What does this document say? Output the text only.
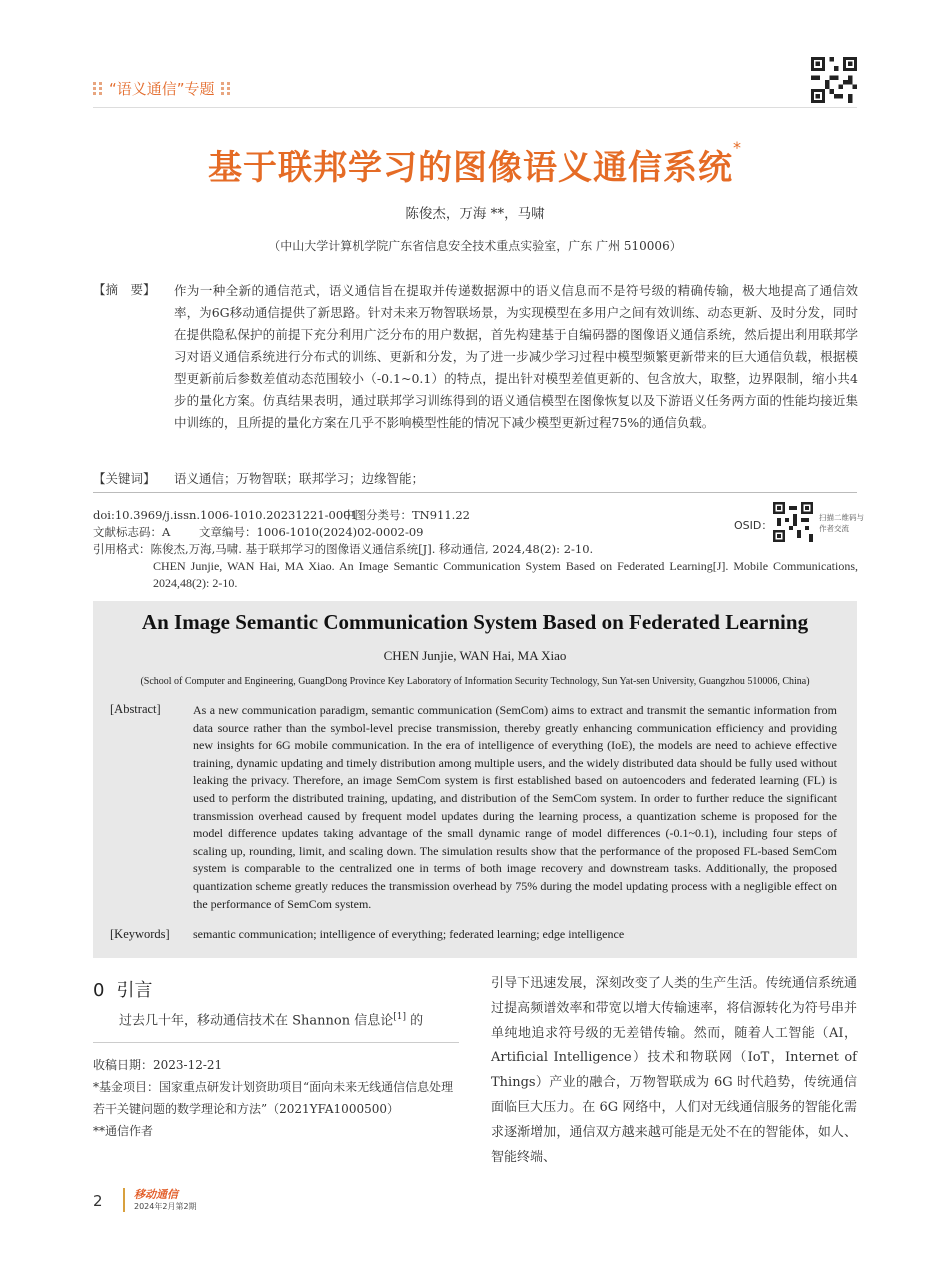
“语义通信”专题
基于联邦学习的图像语义通信系统*
陈俊杰，万海 **，马啸
（中山大学计算机学院广东省信息安全技术重点实验室，广东 广州 510006）
【摘　要】 作为一种全新的通信范式，语义通信旨在提取并传递数据源中的语义信息而不是符号级的精确传输，极大地提高了通信效率，为6G移动通信提供了新思路。针对未来万物智联场景，为实现模型在多用户之间有效训练、动态更新、及时分发，同时在提供隐私保护的前提下充分利用广泛分布的用户数据，首先构建基于自编码器的图像语义通信系统，然后提出利用联邦学习对语义通信系统进行分布式的训练、更新和分发，为了进一步减少学习过程中模型频繁更新带来的巨大通信负载，根据模型更新前后参数差值动态范围较小（-0.1~0.1）的特点，提出针对模型差值更新的、包含放大，取整，边界限制，缩小共4步的量化方案。仿真结果表明，通过联邦学习训练得到的语义通信模型在图像恢复以及下游语义任务两方面的性能均接近集中训练的，且所提的量化方案在几乎不影响模型性能的情况下减少模型更新过程75%的通信负载。
【关键词】 语义通信；万物智联；联邦学习；边缘智能；
doi:10.3969/j.issn.1006-1010.20231221-0001
中图分类号：TN911.22
文献标志码：A 文章编号：1006-1010(2024)02-0002-09
引用格式：陈俊杰,万海,马啸. 基于联邦学习的图像语义通信系统[J]. 移动通信, 2024,48(2): 2-10.
CHEN Junjie, WAN Hai, MA Xiao. An Image Semantic Communication System Based on Federated Learning[J]. Mobile Communications, 2024,48(2): 2-10.
OSID：
扫描二维码与作者交流
An Image Semantic Communication System Based on Federated Learning
CHEN Junjie, WAN Hai, MA Xiao
(School of Computer and Engineering, GuangDong Province Key Laboratory of Information Security Technology, Sun Yat-sen University, Guangzhou 510006, China)
[Abstract]	As a new communication paradigm, semantic communication (SemCom) aims to extract and transmit the semantic information from data source rather than the symbol-level precise transmission, thereby greatly enhancing communication efficiency and providing new insights for 6G mobile communication. In the era of intelligence of everything (IoE), the models are need to achieve effective training, dynamic updating and timely distribution among multiple users, and the widely distributed data should be fully used without leaking the privacy. Therefore, an image SemCom system is first established based on autoencoders and federated learning (FL) is used to perform the distributed training, updating, and distribution of the SemCom system. In order to further reduce the significant transmission overhead caused by frequent model updates during the learning process, a quantization scheme is proposed for the model difference updates taking advantage of the small dynamic range of model differences (-0.1~0.1), including four steps of scaling up, rounding, limit, and scaling down. The simulation results show that the performance of the proposed FL-based SemCom system is comparable to the centralized one in terms of both image recovery and downstream tasks. Additionally, the proposed quantization scheme greatly reduces the transmission overhead by 75% during the model updating process with a negligible effect on the performance of SemCom system.
[Keywords] semantic communication; intelligence of everything; federated learning; edge intelligence
0 引言
过去几十年，移动通信技术在 Shannon 信息论[1] 的
收稿日期：2023-12-21
*基金项目：国家重点研发计划资助项目“面向未来无线通信信息处理若干关键问题的数学理论和方法”（2021YFA1000500）
**通信作者
引导下迅速发展，深刻改变了人类的生产生活。传统通信系统通过提高频谱效率和带宽以增大传输速率，将信源转化为符号串并单纯地追求符号级的无差错传输。然而，随着人工智能（AI，Artificial Intelligence）技术和物联网（IoT，Internet of Things）产业的融合，万物智联成为 6G 时代趋势，传统通信面临巨大压力。在 6G 网络中，人们对无线通信服务的智能化需求逐渐增加，通信双方越来越可能是无处不在的智能体，如人、智能终端、
2	移动通信
2024年2月第2期
